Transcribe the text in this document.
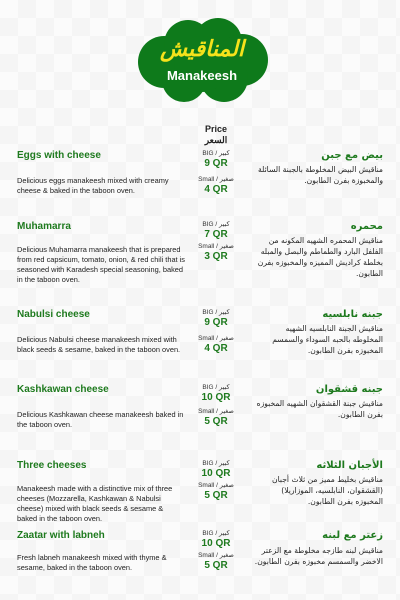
المناقيش
Manakeesh
Price
السعر
Eggs with cheese	بيض مع جبن
Delicious eggs manakeesh mixed with creamy cheese & baked in the taboon oven.
مناقيش البيض المخلوطة بالجبنة السائلة والمخبوزة بفرن الطابون.
BIG / كبير
9 QR
Small / صغير
4 QR
Muhamarra	محمره
Delicious Muhamarra manakeesh that is prepared from red capsicum, tomato, onion, & red chili that is seasoned with Karadesh special seasoning, baked in the taboon oven.
مناقيش المحمره الشهيه المكونه من الفلفل البارد والطماطم والبصل والمبله بخلطة كراديش المميزه والمخبوزه بفرن الطابون.
BIG / كبير
7 QR
Small / صغير
3 QR
Nabulsi cheese	جبنه نابلسيه
Delicious Nabulsi cheese manakeesh mixed with black seeds & sesame, baked in the taboon oven.
مناقيش الجبنة النابلسيه الشهيه المخلوطه بالحبه السوداء والسمسم المخبوزه بفرن الطابون.
BIG / كبير
9 QR
Small / صغير
4 QR
Kashkawan cheese	جبنه قشقوان
Delicious Kashkawan cheese manakeesh baked in the taboon oven.
مناقيش جبنة القشقوان الشهيه المخبوزه بفرن الطابون.
BIG / كبير
10 QR
Small / صغير
5 QR
Three cheeses	الأجبان الثلاثه
Manakeesh made with a distinctive mix of three cheeses (Mozzarella, Kashkawan & Nabulsi cheese) mixed with black seeds & sesame & baked in the taboon oven.
مناقيش بخليط مميز من ثلاث أجبان (القشقوان، النابلسيه، الموزاريلا) المخبوزه بفرن الطابون.
BIG / كبير
10 QR
Small / صغير
5 QR
Zaatar with labneh	زعتر مع لبنه
Fresh labneh manakeesh mixed with thyme & sesame, baked in the taboon oven.
مناقيش لبنه طازجه مخلوطة مع الزعتر الاخضر والسمسم مخبوزه بفرن الطابون.
BIG / كبير
10 QR
Small / صغير
5 QR
